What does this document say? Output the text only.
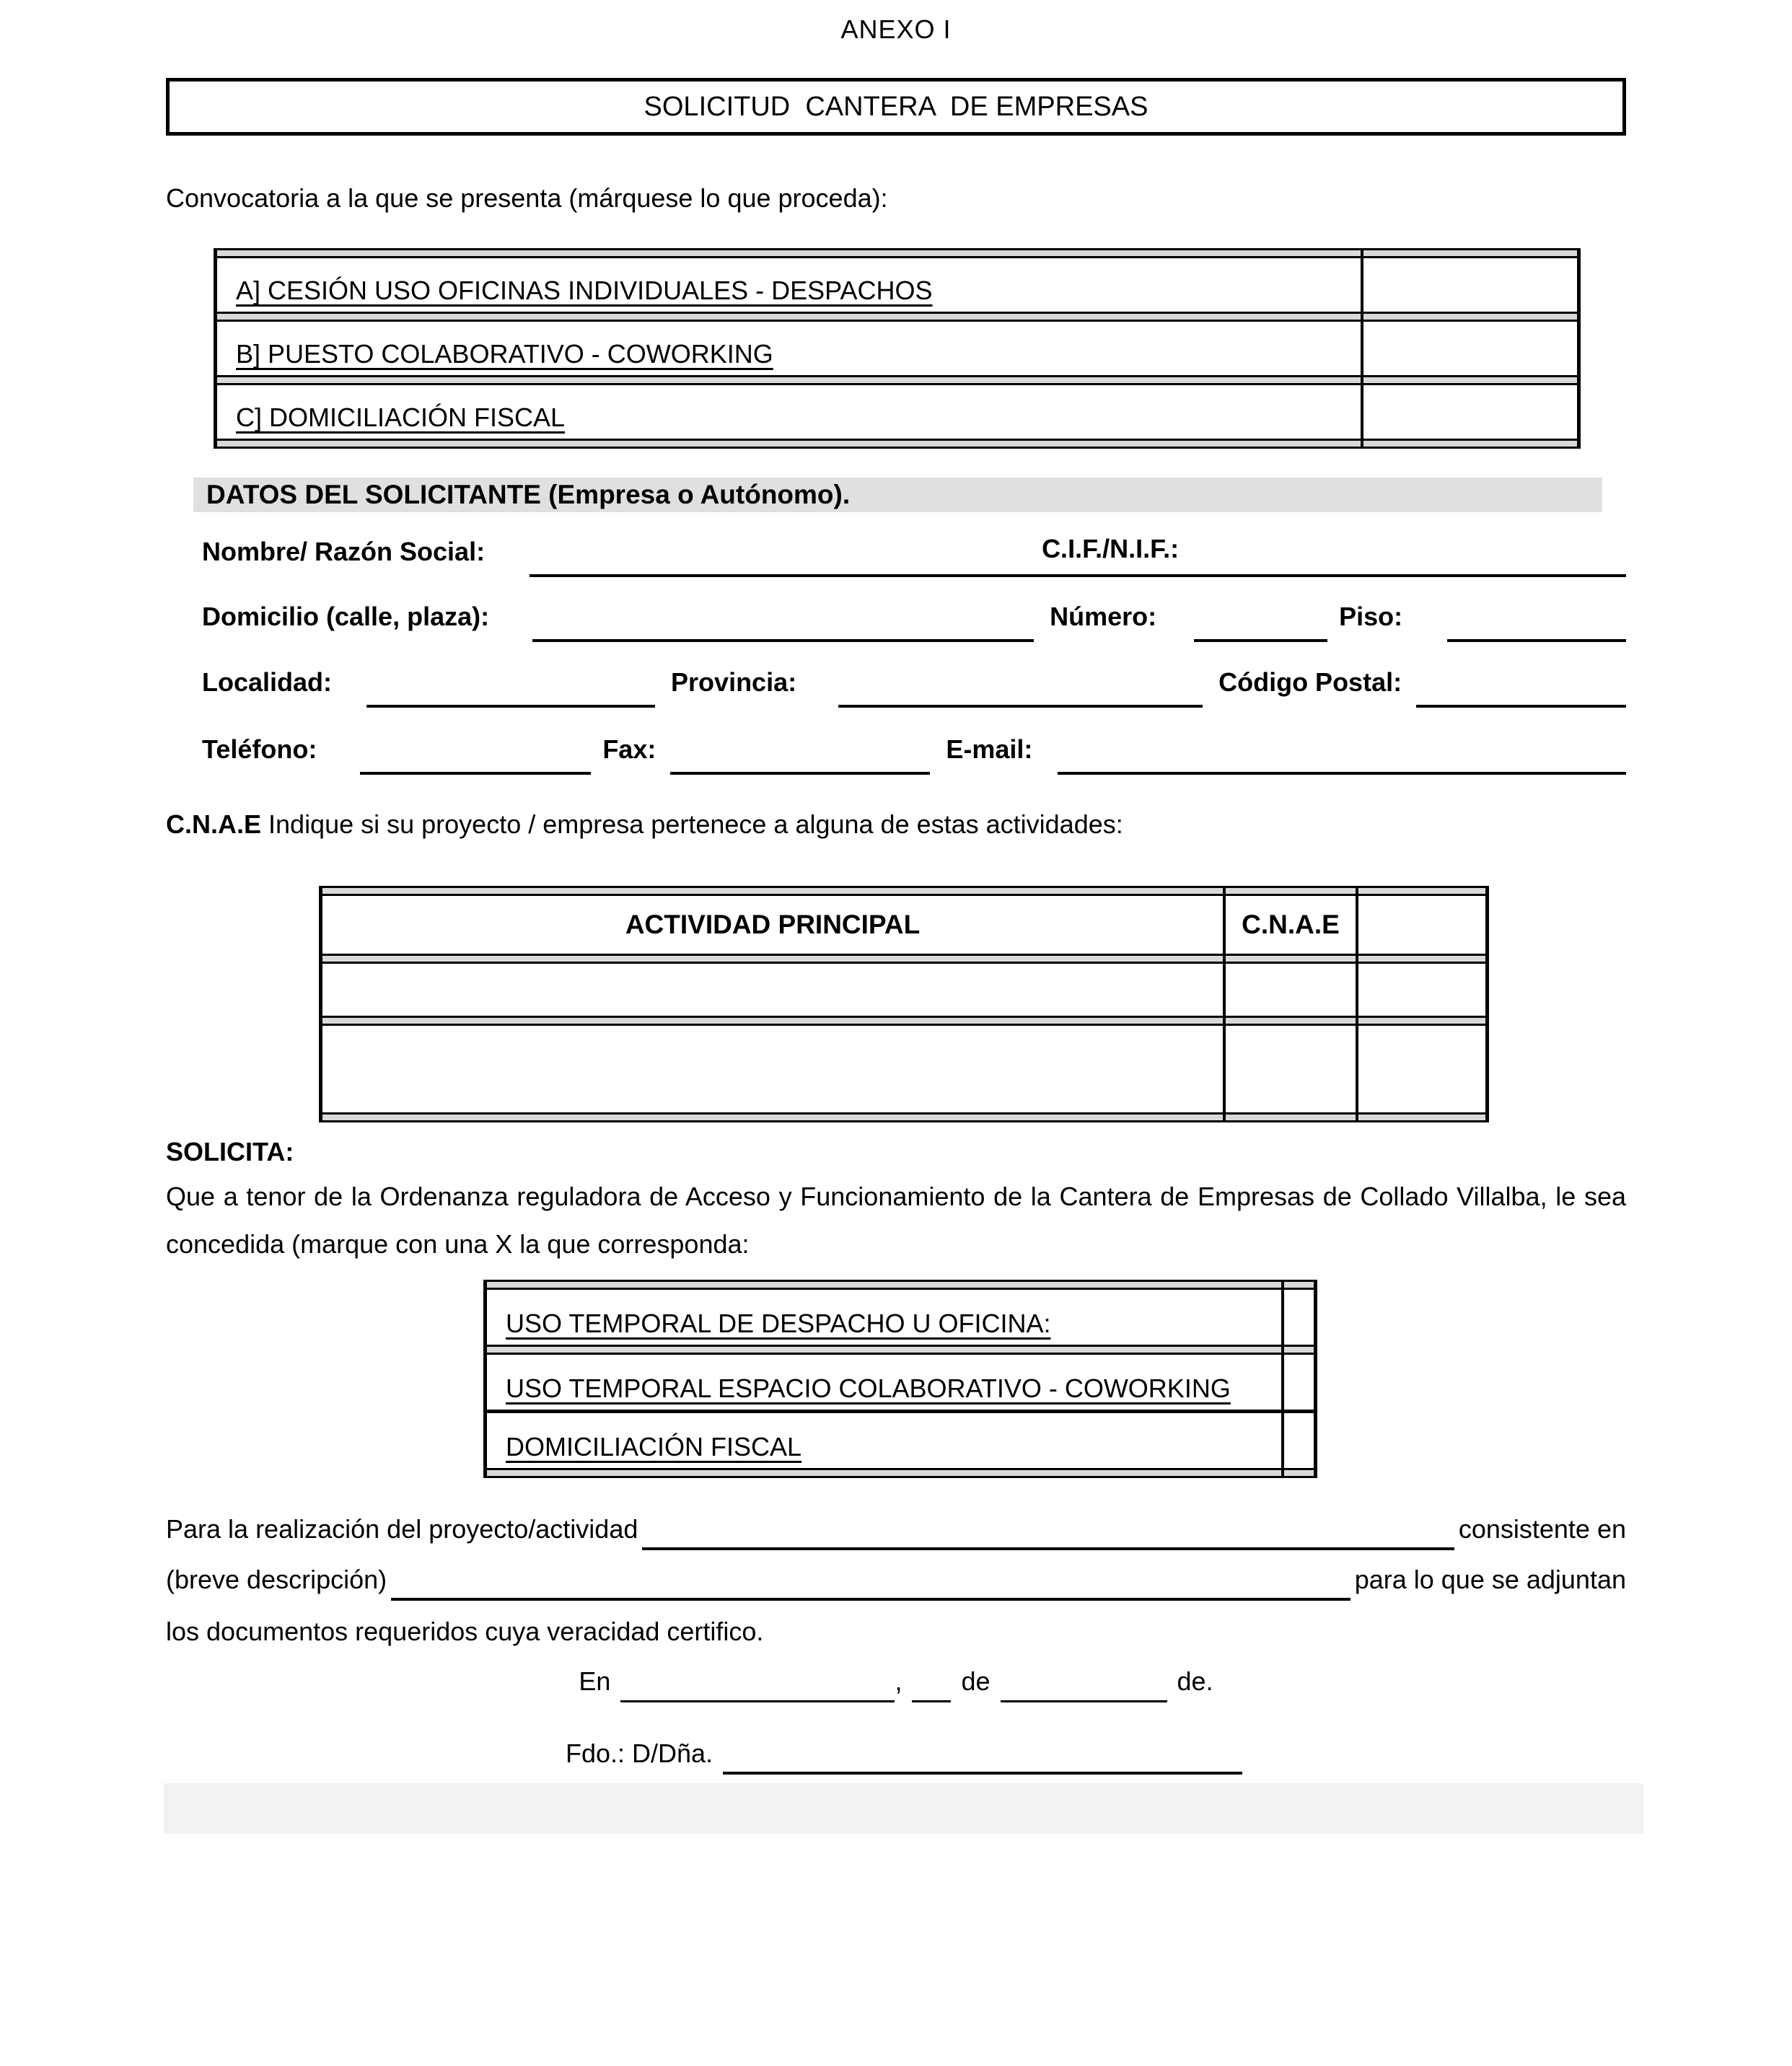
ANEXO I
SOLICITUD  CANTERA  DE EMPRESAS
Convocatoria a la que se presenta (márquese lo que proceda):
A] CESIÓN USO OFICINAS INDIVIDUALES - DESPACHOS
B] PUESTO COLABORATIVO - COWORKING
C] DOMICILIACIÓN FISCAL
DATOS DEL SOLICITANTE (Empresa o Autónomo).
Nombre/ Razón Social:	C.I.F./N.I.F.:
Domicilio (calle, plaza):	Número:	Piso:
Localidad:	Provincia:	Código Postal:
Teléfono:	Fax:	E-mail:
C.N.A.E Indique si su proyecto / empresa pertenece a alguna de estas actividades:
ACTIVIDAD PRINCIPAL	C.N.A.E
SOLICITA:
Que a tenor de la Ordenanza reguladora de Acceso y Funcionamiento de la Cantera de Empresas de Collado Villalba, le sea concedida (marque con una X la que corresponda:
USO TEMPORAL DE DESPACHO U OFICINA:
USO TEMPORAL ESPACIO COLABORATIVO - COWORKING
DOMICILIACIÓN FISCAL
Para la realización del proyecto/actividad	consistente en
(breve descripción)	para lo que se adjuntan
los documentos requeridos cuya veracidad certifico.
En	, de	de.
Fdo.: D/Dña.
